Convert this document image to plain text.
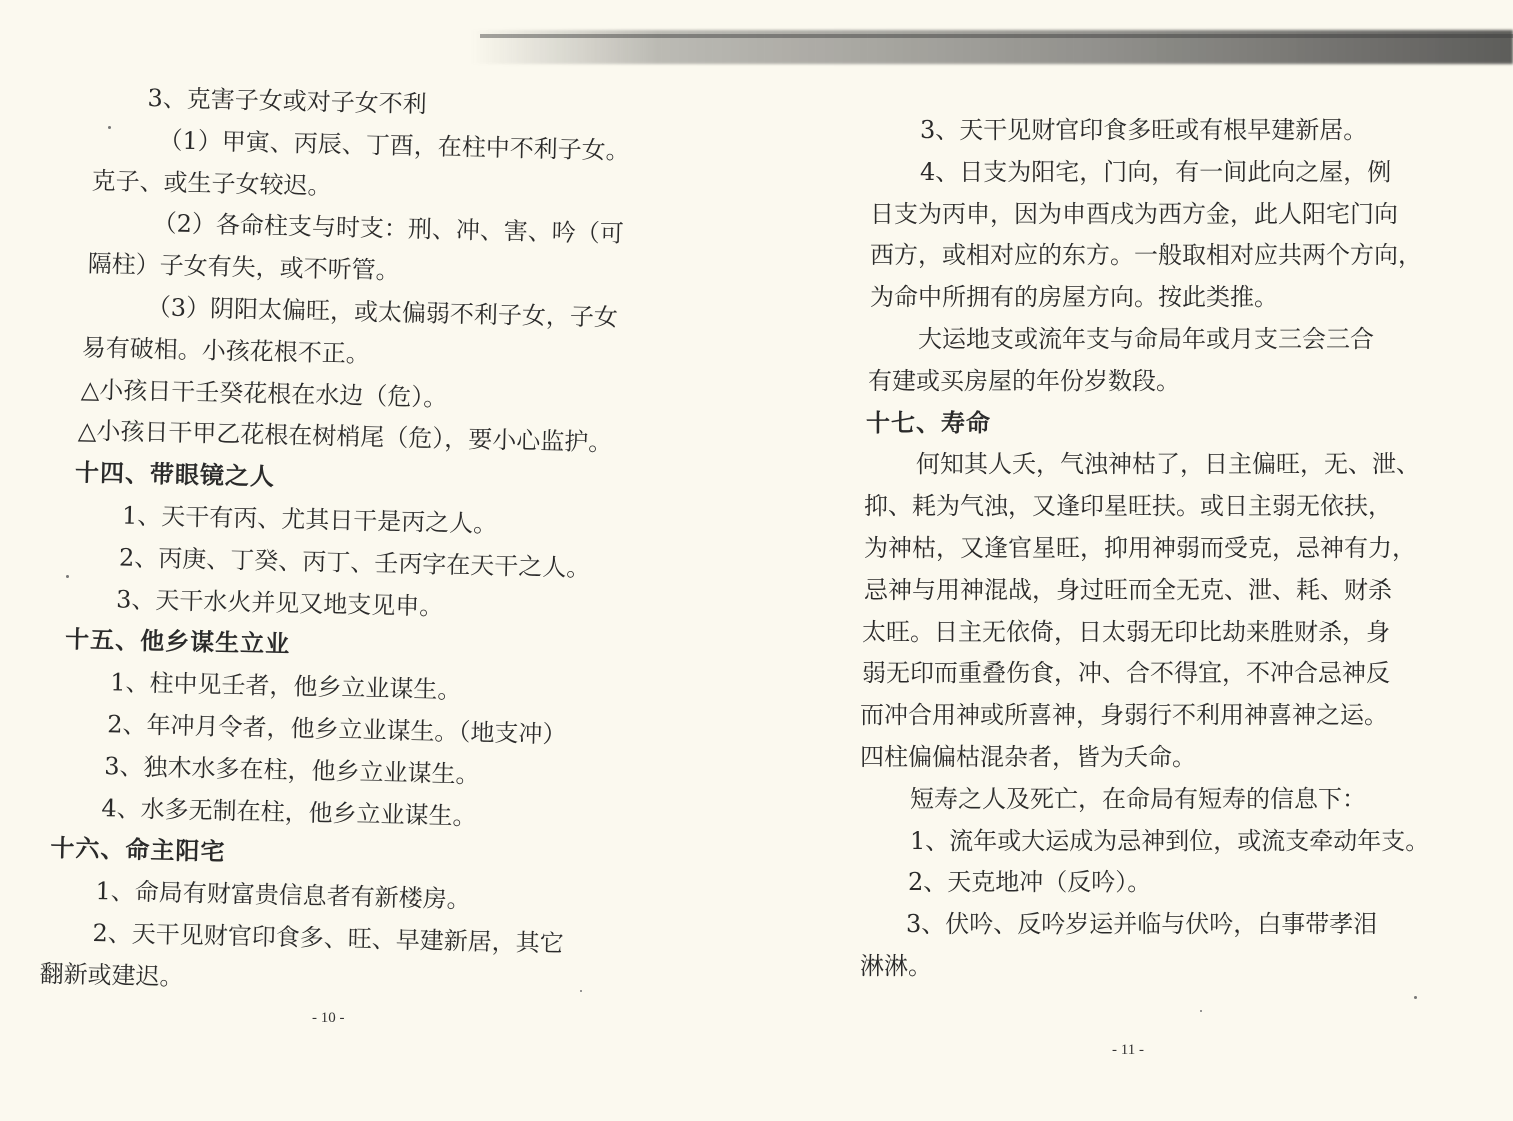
3、克害子女或对子女不利
（1）甲寅、丙辰、丁酉，在柱中不利子女。
克子、或生子女较迟。
（2）各命柱支与时支：刑、冲、害、吟（可
隔柱）子女有失，或不听管。
（3）阴阳太偏旺，或太偏弱不利子女，子女
易有破相。小孩花根不正。
△小孩日干壬癸花根在水边（危）。
△小孩日干甲乙花根在树梢尾（危），要小心监护。
十四、带眼镜之人
1、天干有丙、尤其日干是丙之人。
2、丙庚、丁癸、丙丁、壬丙字在天干之人。
3、天干水火并见又地支见申。
十五、他乡谋生立业
1、柱中见壬者，他乡立业谋生。
2、年冲月令者，他乡立业谋生。（地支冲）
3、独木水多在柱，他乡立业谋生。
4、水多无制在柱，他乡立业谋生。
十六、命主阳宅
1、命局有财富贵信息者有新楼房。
2、天干见财官印食多、旺、早建新居，其它
翻新或建迟。
3、天干见财官印食多旺或有根早建新居。
4、日支为阳宅，门向，有一间此向之屋，例
日支为丙申，因为申酉戌为西方金，此人阳宅门向
西方，或相对应的东方。一般取相对应共两个方向，
为命中所拥有的房屋方向。按此类推。
大运地支或流年支与命局年或月支三会三合
有建或买房屋的年份岁数段。
十七、寿命
何知其人夭，气浊神枯了，日主偏旺，无、泄、
抑、耗为气浊，又逢印星旺扶。或日主弱无依扶，
为神枯，又逢官星旺，抑用神弱而受克，忌神有力，
忌神与用神混战，身过旺而全无克、泄、耗、财杀
太旺。日主无依倚，日太弱无印比劫来胜财杀，身
弱无印而重叠伤食，冲、合不得宜，不冲合忌神反
而冲合用神或所喜神，身弱行不利用神喜神之运。
四柱偏偏枯混杂者，皆为夭命。
短寿之人及死亡，在命局有短寿的信息下：
1、流年或大运成为忌神到位，或流支牵动年支。
2、天克地冲（反吟）。
3、伏吟、反吟岁运并临与伏吟，白事带孝泪
淋淋。
- 10 -
- 11 -
